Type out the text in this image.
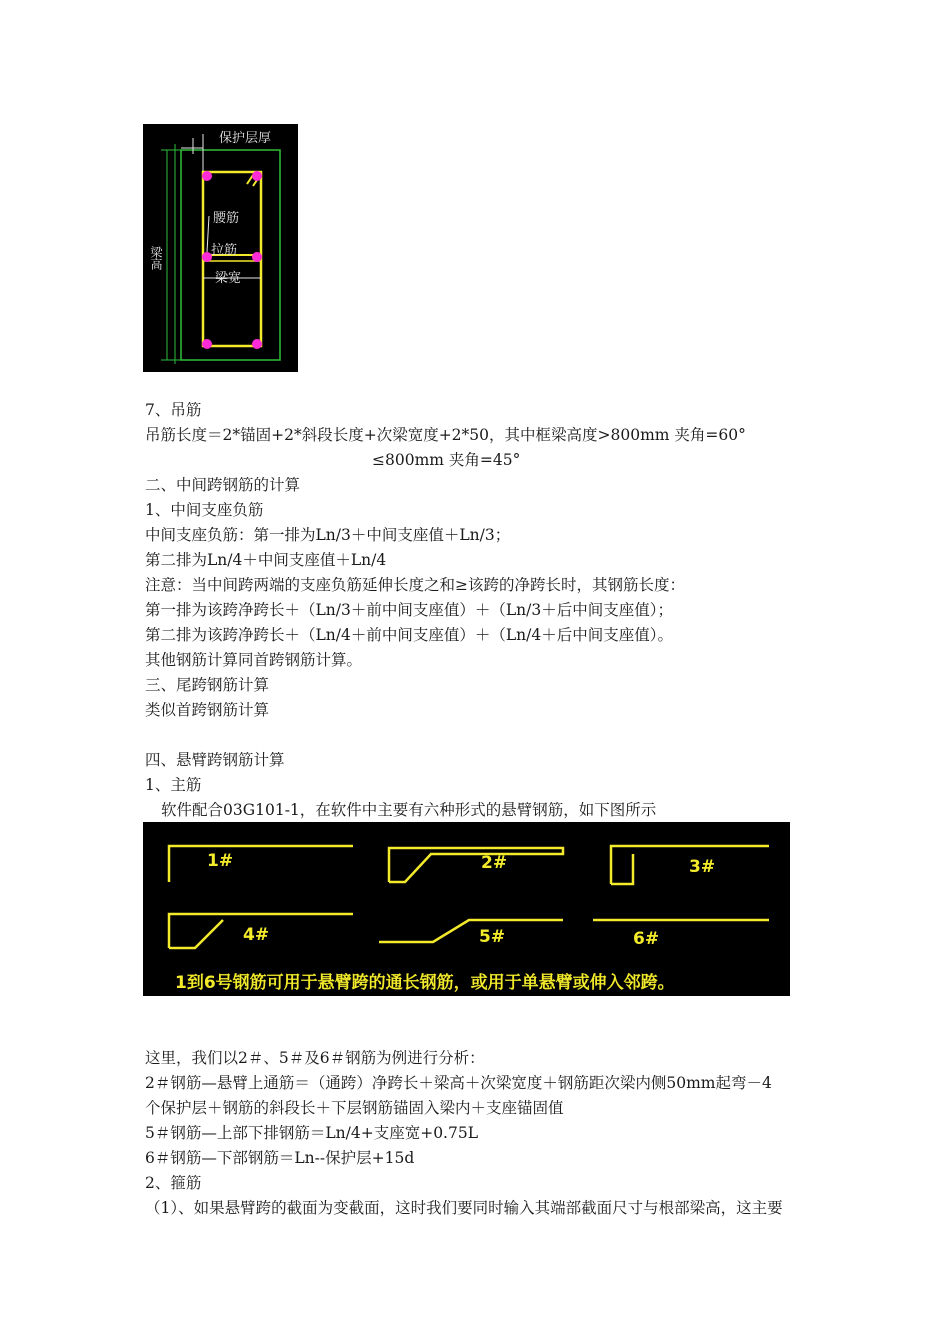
保护层厚
腰筋
拉筋
梁宽
梁高
7、吊筋
吊筋长度＝2*锚固+2*斜段长度+次梁宽度+2*50，其中框梁高度>800mm 夹角=60°
≤800mm 夹角=45°
二、中间跨钢筋的计算
1、中间支座负筋
中间支座负筋：第一排为Ln/3＋中间支座值＋Ln/3；
第二排为Ln/4＋中间支座值＋Ln/4
注意：当中间跨两端的支座负筋延伸长度之和≥该跨的净跨长时，其钢筋长度：
第一排为该跨净跨长＋（Ln/3＋前中间支座值）＋（Ln/3＋后中间支座值）；
第二排为该跨净跨长＋（Ln/4＋前中间支座值）＋（Ln/4＋后中间支座值）。
其他钢筋计算同首跨钢筋计算。
三、尾跨钢筋计算
类似首跨钢筋计算
四、悬臂跨钢筋计算
1、主筋
软件配合03G101-1，在软件中主要有六种形式的悬臂钢筋，如下图所示
1#	2#	3#
4#	5#	6#
1到6号钢筋可用于悬臂跨的通长钢筋，或用于单悬臂或伸入邻跨。
这里，我们以2＃、5＃及6＃钢筋为例进行分析：
2＃钢筋—悬臂上通筋＝（通跨）净跨长＋梁高＋次梁宽度＋钢筋距次梁内侧50mm起弯－4
个保护层＋钢筋的斜段长＋下层钢筋锚固入梁内＋支座锚固值
5＃钢筋—上部下排钢筋＝Ln/4+支座宽+0.75L
6＃钢筋—下部钢筋＝Ln--保护层+15d
2、箍筋
（1）、如果悬臂跨的截面为变截面，这时我们要同时输入其端部截面尺寸与根部梁高，这主要
